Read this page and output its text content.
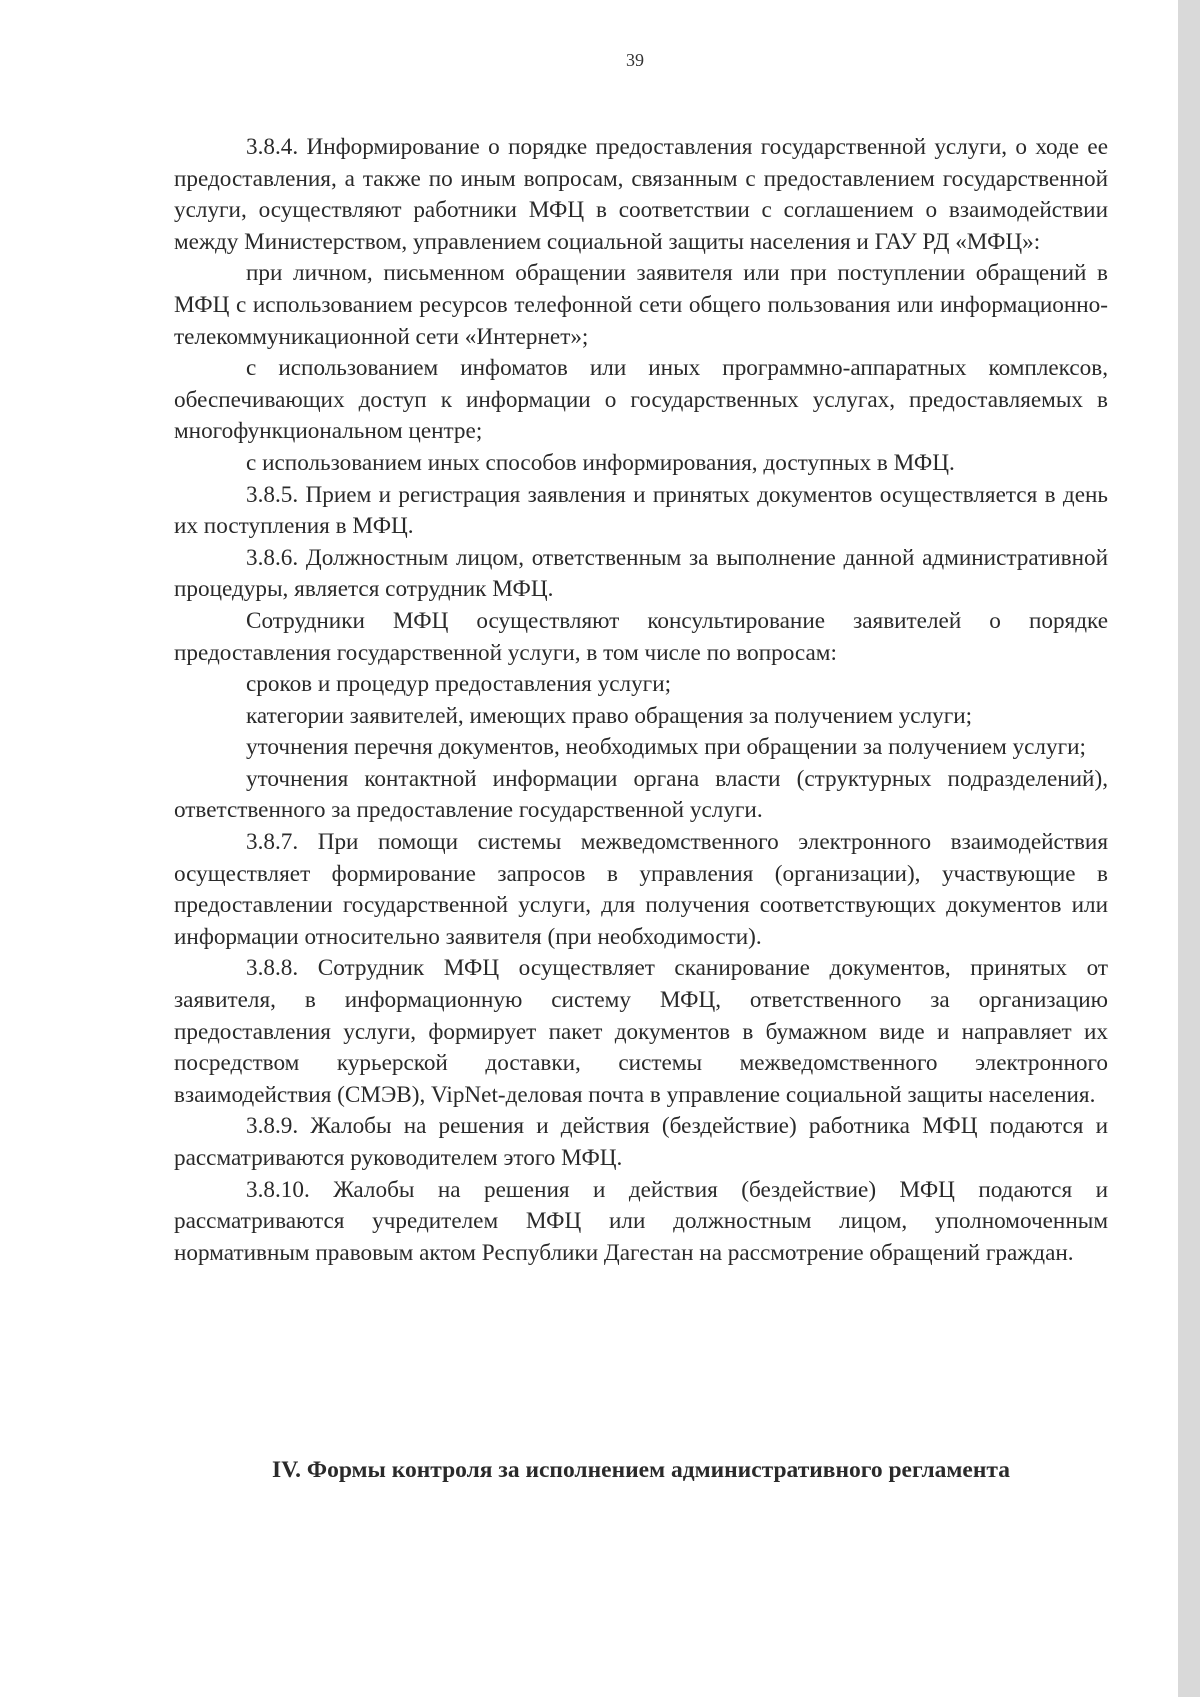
39

3.8.4. Информирование о порядке предоставления государственной услуги, о ходе ее предоставления, а также по иным вопросам, связанным с предоставлением государственной услуги, осуществляют работники МФЦ в соответствии с соглашением о взаимодействии между Министерством, управлением социальной защиты населения и ГАУ РД «МФЦ»:

при личном, письменном обращении заявителя или при поступлении обращений в МФЦ с использованием ресурсов телефонной сети общего пользования или информационно-телекоммуникационной сети «Интернет»;

с использованием инфоматов или иных программно-аппаратных комплексов, обеспечивающих доступ к информации о государственных услугах, предоставляемых в многофункциональном центре;

с использованием иных способов информирования, доступных в МФЦ.

3.8.5. Прием и регистрация заявления и принятых документов осуществляется в день их поступления в МФЦ.

3.8.6. Должностным лицом, ответственным за выполнение данной административной процедуры, является сотрудник МФЦ.

Сотрудники МФЦ осуществляют консультирование заявителей о порядке предоставления государственной услуги, в том числе по вопросам:

сроков и процедур предоставления услуги;

категории заявителей, имеющих право обращения за получением услуги;

уточнения перечня документов, необходимых при обращении за получением услуги;

уточнения контактной информации органа власти (структурных подразделений), ответственного за предоставление государственной услуги.

3.8.7. При помощи системы межведомственного электронного взаимодействия осуществляет формирование запросов в управления (организации), участвующие в предоставлении государственной услуги, для получения соответствующих документов или информации относительно заявителя (при необходимости).

3.8.8. Сотрудник МФЦ осуществляет сканирование документов, принятых от заявителя, в информационную систему МФЦ, ответственного за организацию предоставления услуги, формирует пакет документов в бумажном виде и направляет их посредством курьерской доставки, системы межведомственного электронного взаимодействия (СМЭВ), VipNet-деловая почта в управление социальной защиты населения.

3.8.9. Жалобы на решения и действия (бездействие) работника МФЦ подаются и рассматриваются руководителем этого МФЦ.

3.8.10. Жалобы на решения и действия (бездействие) МФЦ подаются и рассматриваются учредителем МФЦ или должностным лицом, уполномоченным нормативным правовым актом Республики Дагестан на рассмотрение обращений граждан.

IV. Формы контроля за исполнением административного регламента
